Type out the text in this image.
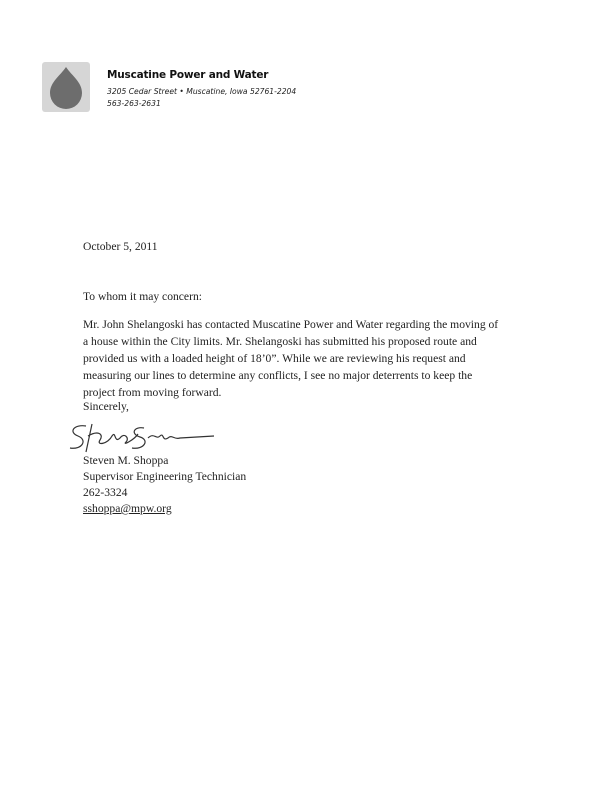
Muscatine Power and Water
3205 Cedar Street • Muscatine, Iowa 52761-2204
563-263-2631
October 5, 2011
To whom it may concern:
Mr. John Shelangoski has contacted Muscatine Power and Water regarding the moving of
a house within the City limits. Mr. Shelangoski has submitted his proposed route and
provided us with a loaded height of 18’0”. While we are reviewing his request and
measuring our lines to determine any conflicts, I see no major deterrents to keep the
project from moving forward.
Sincerely,
Steven M. Shoppa
Supervisor Engineering Technician
262-3324
sshoppa@mpw.org
